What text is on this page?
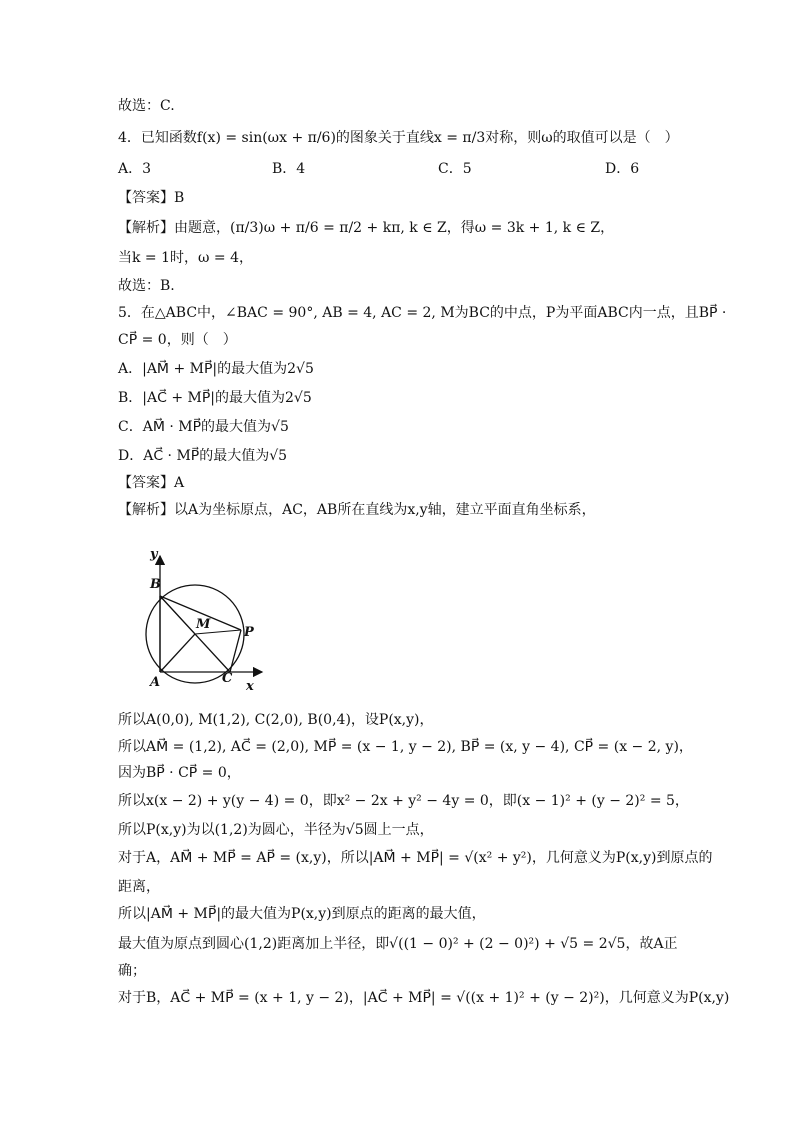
故选：C.
4．已知函数f(x) = sin(ωx + π/6)的图象关于直线x = π/3对称，则ω的取值可以是（　）
A．3	B．4	C．5	D．6
【答案】B
【解析】由题意，(π/3)ω + π/6 = π/2 + kπ, k ∈ Z，得ω = 3k + 1, k ∈ Z，
当k = 1时，ω = 4，
故选：B.
5．在△ABC中，∠BAC = 90°, AB = 4, AC = 2, M为BC的中点，P为平面ABC内一点，且BP⃗ ·
CP⃗ = 0，则（　）
A．|AM⃗ + MP⃗|的最大值为2√5
B．|AC⃗ + MP⃗|的最大值为2√5
C．AM⃗ · MP⃗的最大值为√5
D．AC⃗ · MP⃗的最大值为√5
【答案】A
【解析】以A为坐标原点，AC，AB所在直线为x,y轴，建立平面直角坐标系，
y
B
M
P
A	C
x
所以A(0,0), M(1,2), C(2,0), B(0,4)，设P(x,y)，
所以AM⃗ = (1,2), AC⃗ = (2,0), MP⃗ = (x − 1, y − 2), BP⃗ = (x, y − 4), CP⃗ = (x − 2, y)，
因为BP⃗ · CP⃗ = 0，
所以x(x − 2) + y(y − 4) = 0，即x² − 2x + y² − 4y = 0，即(x − 1)² + (y − 2)² = 5，
所以P(x,y)为以(1,2)为圆心，半径为√5圆上一点，
对于A，AM⃗ + MP⃗ = AP⃗ = (x,y)，所以|AM⃗ + MP⃗| = √(x² + y²)，几何意义为P(x,y)到原点的
距离，
所以|AM⃗ + MP⃗|的最大值为P(x,y)到原点的距离的最大值，
最大值为原点到圆心(1,2)距离加上半径，即√((1 − 0)² + (2 − 0)²) + √5 = 2√5，故A正
确；
对于B，AC⃗ + MP⃗ = (x + 1, y − 2)，|AC⃗ + MP⃗| = √((x + 1)² + (y − 2)²)，几何意义为P(x,y)
